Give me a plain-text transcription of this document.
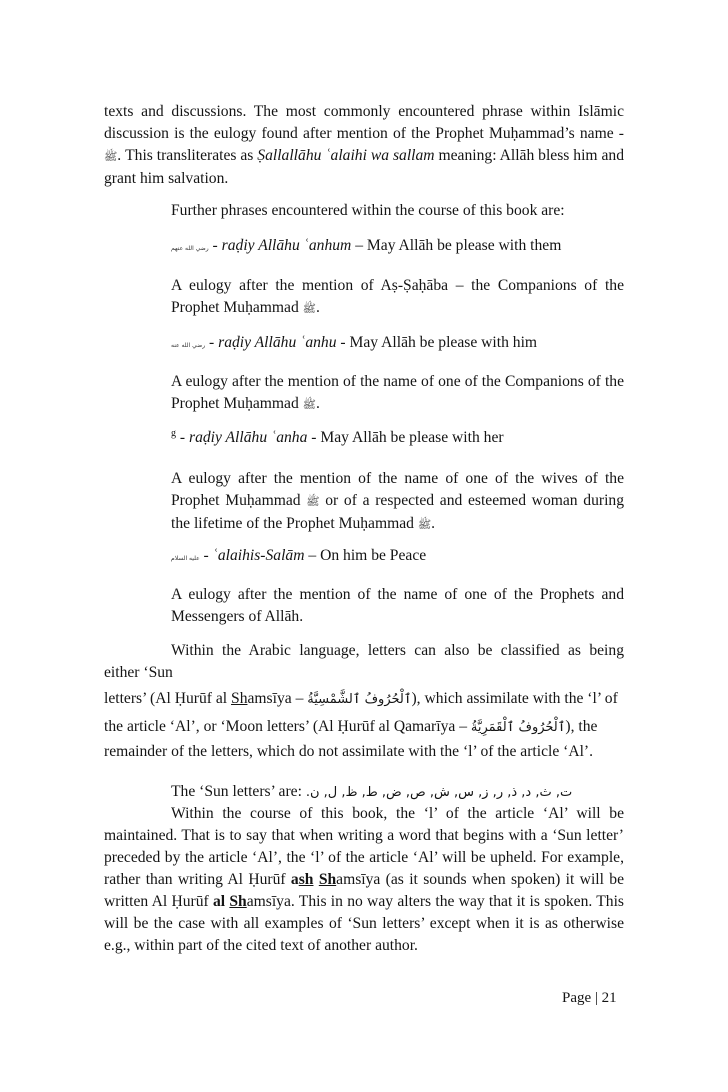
texts and discussions. The most commonly encountered phrase within Islāmic discussion is the eulogy found after mention of the Prophet Muḥammad’s name - ﷺ. This transliterates as Ṣallallāhu ʿalaihi wa sallam meaning: Allāh bless him and grant him salvation.

Further phrases encountered within the course of this book are:

رضي الله عنهم - raḍiy Allāhu ʿanhum – May Allāh be please with them

A eulogy after the mention of Aṣ-Ṣaḥāba – the Companions of the Prophet Muḥammad ﷺ.

رضي الله عنه - raḍiy Allāhu ʿanhu - May Allāh be please with him

A eulogy after the mention of the name of one of the Companions of the Prophet Muḥammad ﷺ.

$^g$ - raḍiy Allāhu ʿanha - May Allāh be please with her

A eulogy after the mention of the name of one of the wives of the Prophet Muḥammad ﷺ or of a respected and esteemed woman during the lifetime of the Prophet Muḥammad ﷺ.

عليه السلام - ʿalaihis-Salām – On him be Peace

A eulogy after the mention of the name of one of the Prophets and Messengers of Allāh.

Within the Arabic language, letters can also be classified as being
either ‘Sun
letters’ (Al Ḥurūf al Shamsīya – ٱلْحُرُوفُ ٱلشَّمْسِيَّةُ), which assimilate with the ‘l’ of
the article ‘Al’, or ‘Moon letters’ (Al Ḥurūf al Qamarīya – ٱلْحُرُوفُ ٱلْقَمَرِيَّةُ), the
remainder of the letters, which do not assimilate with the ‘l’ of the article ‘Al’.
The ‘Sun letters’ are: ت, ث, د, ذ, ر, ز, س, ش, ص, ض, ط, ظ, ل, ن.

Within the course of this book, the ‘l’ of the article ‘Al’ will be maintained. That is to say that when writing a word that begins with a ‘Sun letter’ preceded by the article ‘Al’, the ‘l’ of the article ‘Al’ will be upheld. For example, rather than writing Al Ḥurūf ash Shamsīya (as it sounds when spoken) it will be written Al Ḥurūf al Shamsīya. This in no way alters the way that it is spoken. This will be the case with all examples of ‘Sun letters’ except when it is as otherwise e.g., within part of the cited text of another author.

Page | 21
